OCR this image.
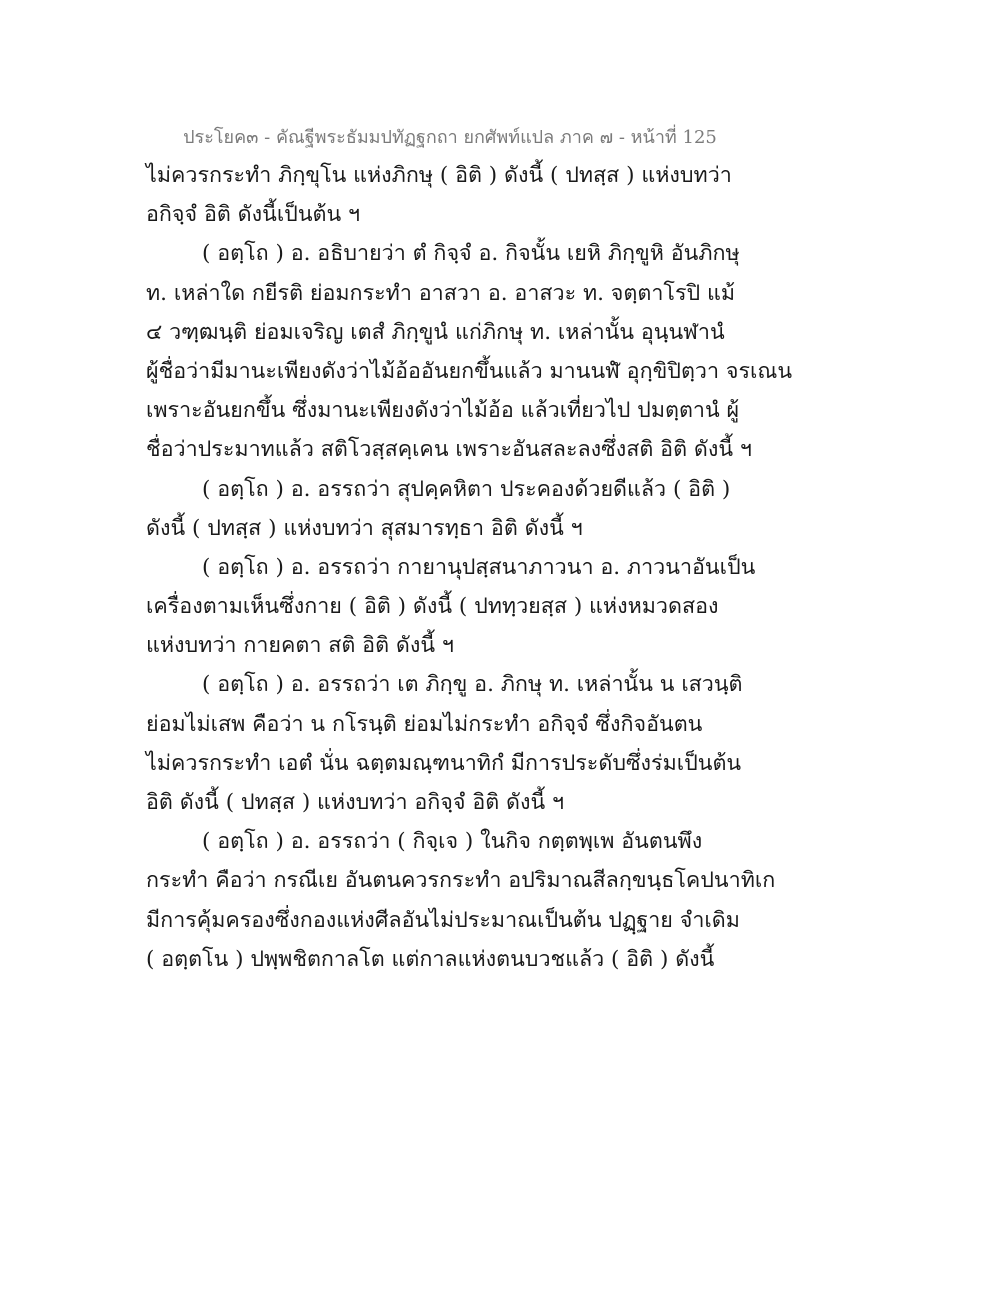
ประโยค๓ - คัณฐีพระธัมมปทัฏฐกถา ยกศัพท์แปล ภาค ๗ - หน้าที่ 125
ไม่ควรกระทำ ภิกฺขุโน แห่งภิกษุ ( อิติ ) ดังนี้ ( ปทสฺส ) แห่งบทว่า
อกิจฺจํ อิติ ดังนี้เป็นต้น ฯ
( อตฺโถ ) อ. อธิบายว่า ตํ กิจฺจํ อ. กิจนั้น เยหิ ภิกฺขูหิ อันภิกษุ
ท. เหล่าใด กยีรติ ย่อมกระทำ อาสวา อ. อาสวะ ท. จตฺตาโรปิ แม้
๔ วฑฺฒนฺติ ย่อมเจริญ เตสํ ภิกฺขูนํ แก่ภิกษุ ท. เหล่านั้น อุนฺนฬานํ
ผู้ชื่อว่ามีมานะเพียงดังว่าไม้อ้ออันยกขึ้นแล้ว มานนฬํ อุกฺขิปิตฺวา จรเณน
เพราะอันยกขึ้น ซึ่งมานะเพียงดังว่าไม้อ้อ แล้วเที่ยวไป ปมตฺตานํ ผู้
ชื่อว่าประมาทแล้ว สติโวสฺสคฺเคน เพราะอันสละลงซึ่งสติ อิติ ดังนี้ ฯ
( อตฺโถ ) อ. อรรถว่า สุปคฺคหิตา ประคองด้วยดีแล้ว ( อิติ )
ดังนี้ ( ปทสฺส ) แห่งบทว่า สุสมารทฺธา อิติ ดังนี้ ฯ
( อตฺโถ ) อ. อรรถว่า กายานุปสฺสนาภาวนา อ. ภาวนาอันเป็น
เครื่องตามเห็นซึ่งกาย ( อิติ ) ดังนี้ ( ปททฺวยสฺส ) แห่งหมวดสอง
แห่งบทว่า กายคตา สติ อิติ ดังนี้ ฯ
( อตฺโถ ) อ. อรรถว่า เต ภิกฺขู อ. ภิกษุ ท. เหล่านั้น น เสวนฺติ
ย่อมไม่เสพ คือว่า น กโรนฺติ ย่อมไม่กระทำ อกิจฺจํ ซึ่งกิจอันตน
ไม่ควรกระทำ เอตํ นั่น ฉตฺตมณฺฑนาทิกํ มีการประดับซึ่งร่มเป็นต้น
อิติ ดังนี้ ( ปทสฺส ) แห่งบทว่า อกิจฺจํ อิติ ดังนี้ ฯ
( อตฺโถ ) อ. อรรถว่า ( กิจฺเจ ) ในกิจ กตฺตพฺเพ อันตนพึง
กระทำ คือว่า กรณีเย อันตนควรกระทำ อปริมาณสีลกฺขนฺธโคปนาทิเก
มีการคุ้มครองซึ่งกองแห่งศีลอันไม่ประมาณเป็นต้น ปฏฺฐาย จำเดิม
( อตฺตโน ) ปพฺพชิตกาลโต แต่กาลแห่งตนบวชแล้ว ( อิติ ) ดังนี้
